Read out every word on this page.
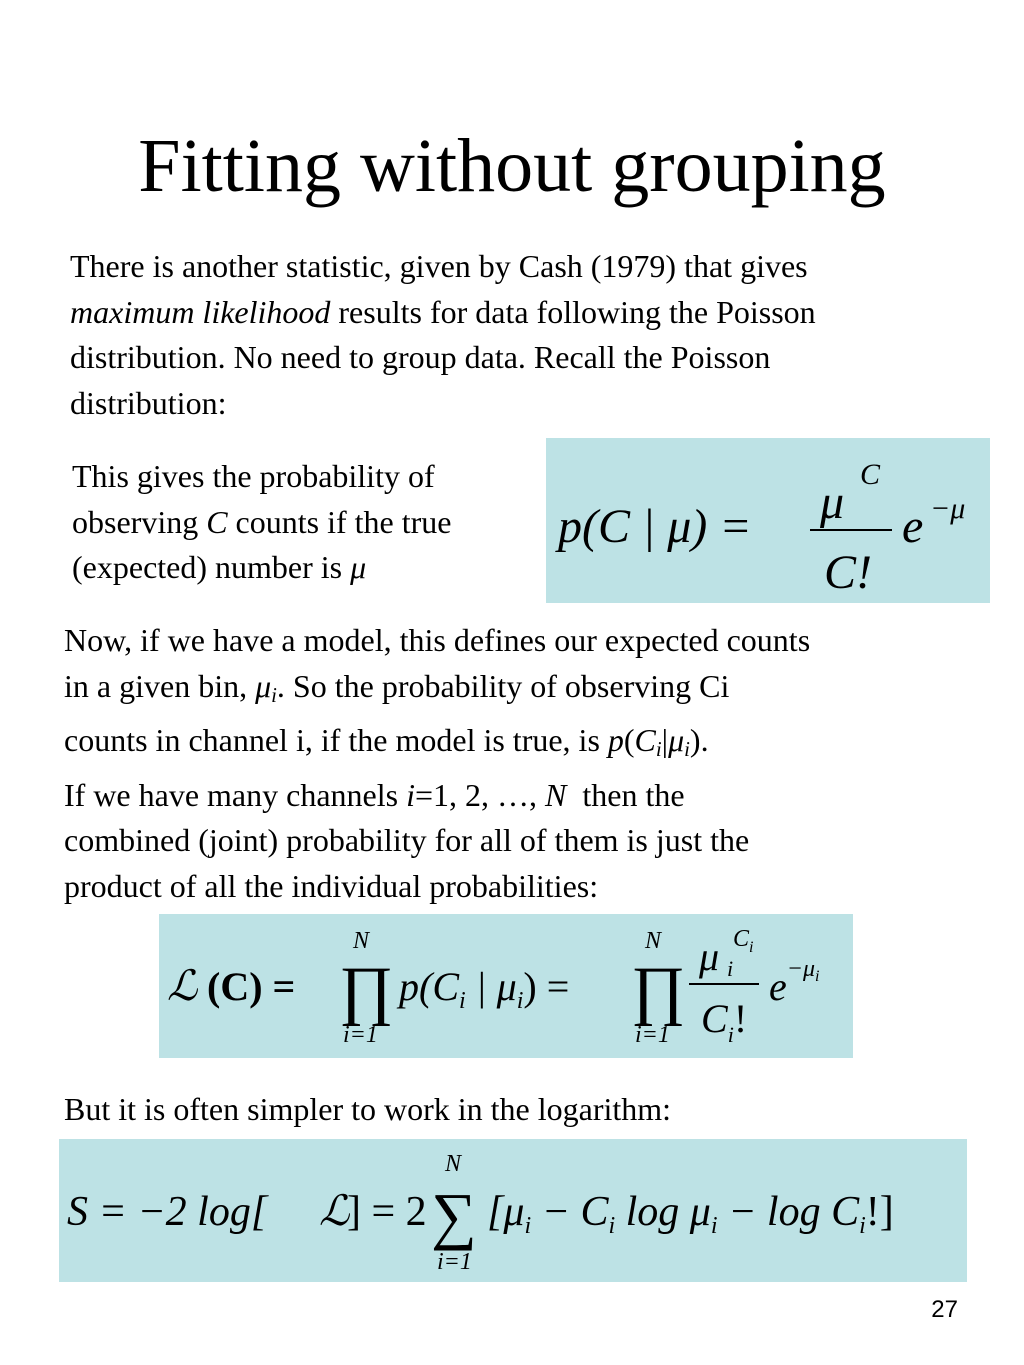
Fitting without grouping
There is another statistic, given by Cash (1979) that gives
maximum likelihood results for data following the Poisson
distribution. No need to group data. Recall the Poisson
distribution:
This gives the probability of
observing C counts if the true
(expected) number is μ
p(C | μ) = μ
C
C!
e −μ
Now, if we have a model, this defines our expected counts
in a given bin, $\mu_i$. So the probability of observing Ci
counts in channel i, if the model is true, is $p(C_i|\mu_i)$.
If we have many channels i=1, 2, …, N  then the
combined (joint) probability for all of them is just the
product of all the individual probabilities:
ℒ (C) =
N
∏
i=1
$p(C_i$ | $\mu_i$) =
N
∏
i=1
μiCi
$C_i$!
$e^{-\mu}i$
But it is often simpler to work in the logarithm:
S = −2 log[ ℒ
] = 2
N
∑
i=1
[μi − Ci log μi − log Ci!]
27
